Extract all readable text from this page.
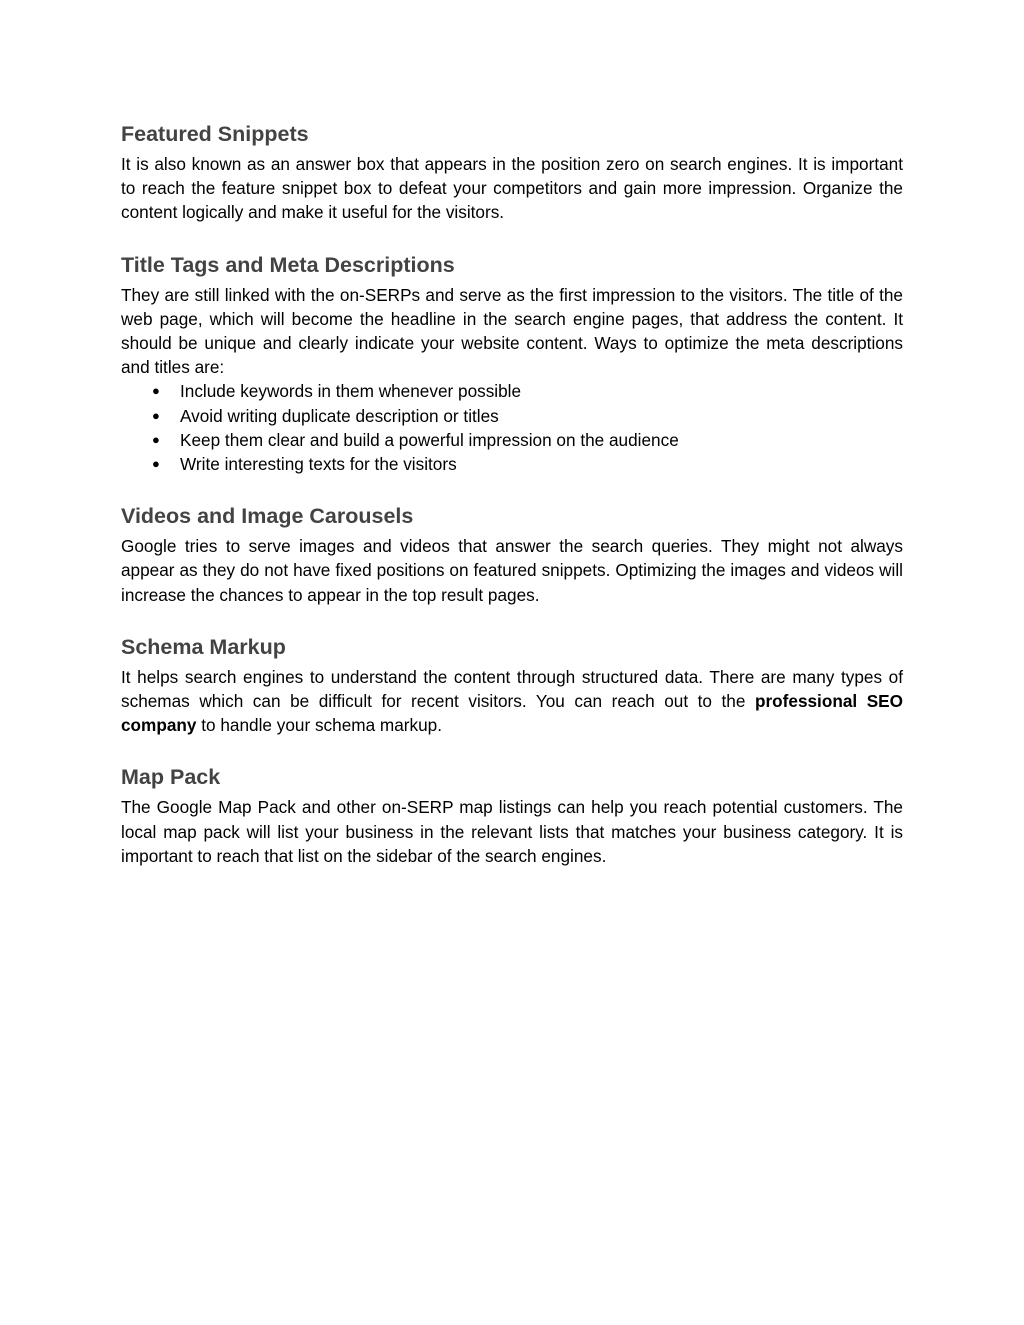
Featured Snippets

It is also known as an answer box that appears in the position zero on search engines. It is important to reach the feature snippet box to defeat your competitors and gain more impression. Organize the content logically and make it useful for the visitors.

Title Tags and Meta Descriptions

They are still linked with the on-SERPs and serve as the first impression to the visitors. The title of the web page, which will become the headline in the search engine pages, that address the content. It should be unique and clearly indicate your website content. Ways to optimize the meta descriptions and titles are:

● Include keywords in them whenever possible
● Avoid writing duplicate description or titles
● Keep them clear and build a powerful impression on the audience
● Write interesting texts for the visitors
Videos and Image Carousels

Google tries to serve images and videos that answer the search queries. They might not always appear as they do not have fixed positions on featured snippets. Optimizing the images and videos will increase the chances to appear in the top result pages.

Schema Markup

It helps search engines to understand the content through structured data. There are many types of schemas which can be difficult for recent visitors. You can reach out to the professional SEO company to handle your schema markup.

Map Pack

The Google Map Pack and other on-SERP map listings can help you reach potential customers. The local map pack will list your business in the relevant lists that matches your business category. It is important to reach that list on the sidebar of the search engines.
